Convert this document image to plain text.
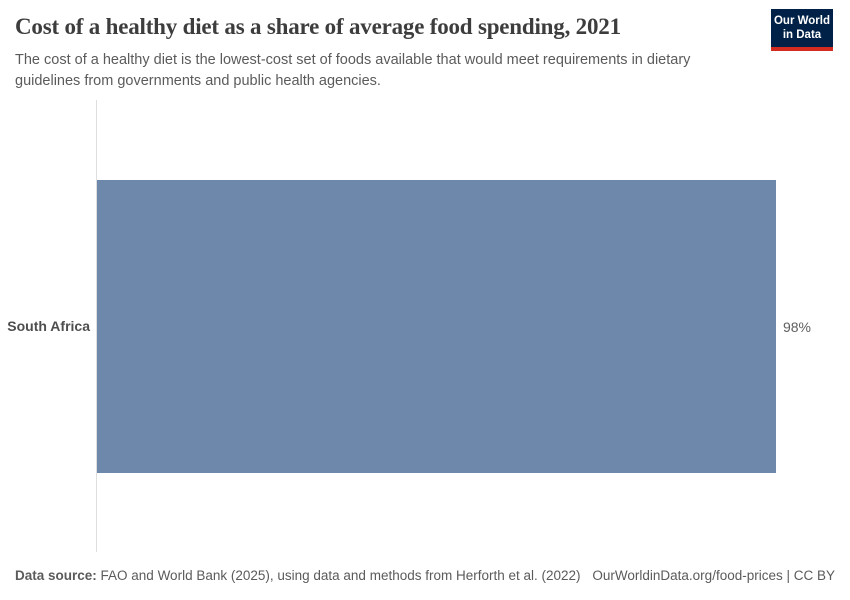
Cost of a healthy diet as a share of average food spending, 2021

The cost of a healthy diet is the lowest-cost set of foods available that would meet requirements in dietary guidelines from governments and public health agencies.

Our World
in Data
South Africa	98%
Data source: FAO and World Bank (2025), using data and methods from Herforth et al. (2022) OurWorldinData.org/food-prices | CC BY
